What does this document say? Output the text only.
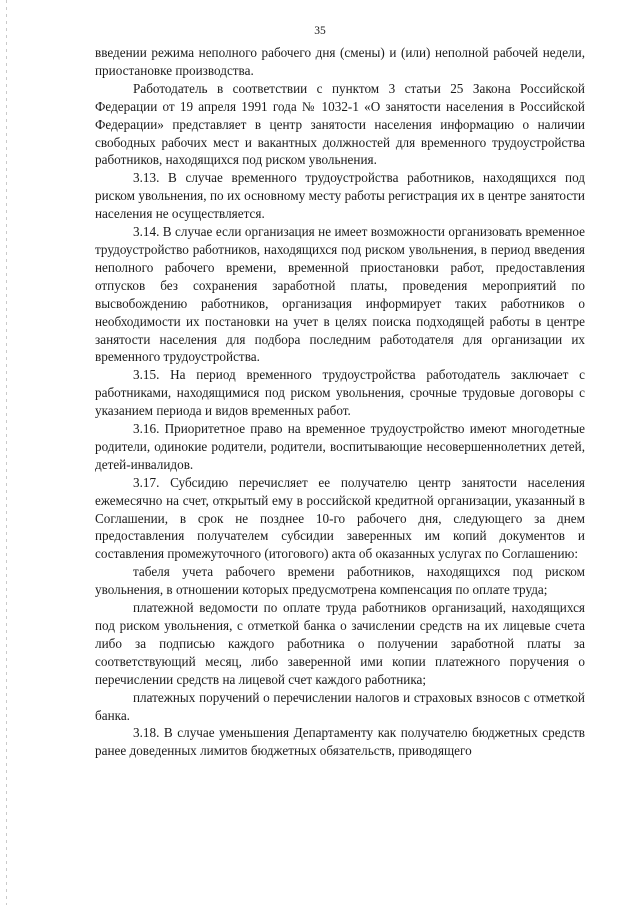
35

введении режима неполного рабочего дня (смены) и (или) неполной рабочей недели, приостановке производства.

Работодатель в соответствии с пунктом 3 статьи 25 Закона Российской Федерации от 19 апреля 1991 года № 1032-1 «О занятости населения в Российской Федерации» представляет в центр занятости населения информацию о наличии свободных рабочих мест и вакантных должностей для временного трудоустройства работников, находящихся под риском увольнения.

3.13. В случае временного трудоустройства работников, находящихся под риском увольнения, по их основному месту работы регистрация их в центре занятости населения не осуществляется.

3.14. В случае если организация не имеет возможности организовать временное трудоустройство работников, находящихся под риском увольнения, в период введения неполного рабочего времени, временной приостановки работ, предоставления отпусков без сохранения заработной платы, проведения мероприятий по высвобождению работников, организация информирует таких работников о необходимости их постановки на учет в целях поиска подходящей работы в центре занятости населения для подбора последним работодателя для организации их временного трудоустройства.

3.15. На период временного трудоустройства работодатель заключает с работниками, находящимися под риском увольнения, срочные трудовые договоры с указанием периода и видов временных работ.

3.16. Приоритетное право на временное трудоустройство имеют многодетные родители, одинокие родители, родители, воспитывающие несовершеннолетних детей, детей-инвалидов.

3.17. Субсидию перечисляет ее получателю центр занятости населения ежемесячно на счет, открытый ему в российской кредитной организации, указанный в Соглашении, в срок не позднее 10-го рабочего дня, следующего за днем предоставления получателем субсидии заверенных им копий документов и составления промежуточного (итогового) акта об оказанных услугах по Соглашению:

табеля учета рабочего времени работников, находящихся под риском увольнения, в отношении которых предусмотрена компенсация по оплате труда;

платежной ведомости по оплате труда работников организаций, находящихся под риском увольнения, с отметкой банка о зачислении средств на их лицевые счета либо за подписью каждого работника о получении заработной платы за соответствующий месяц, либо заверенной ими копии платежного поручения о перечислении средств на лицевой счет каждого работника;

платежных поручений о перечислении налогов и страховых взносов с отметкой банка.

3.18. В случае уменьшения Департаменту как получателю бюджетных средств ранее доведенных лимитов бюджетных обязательств, приводящего
